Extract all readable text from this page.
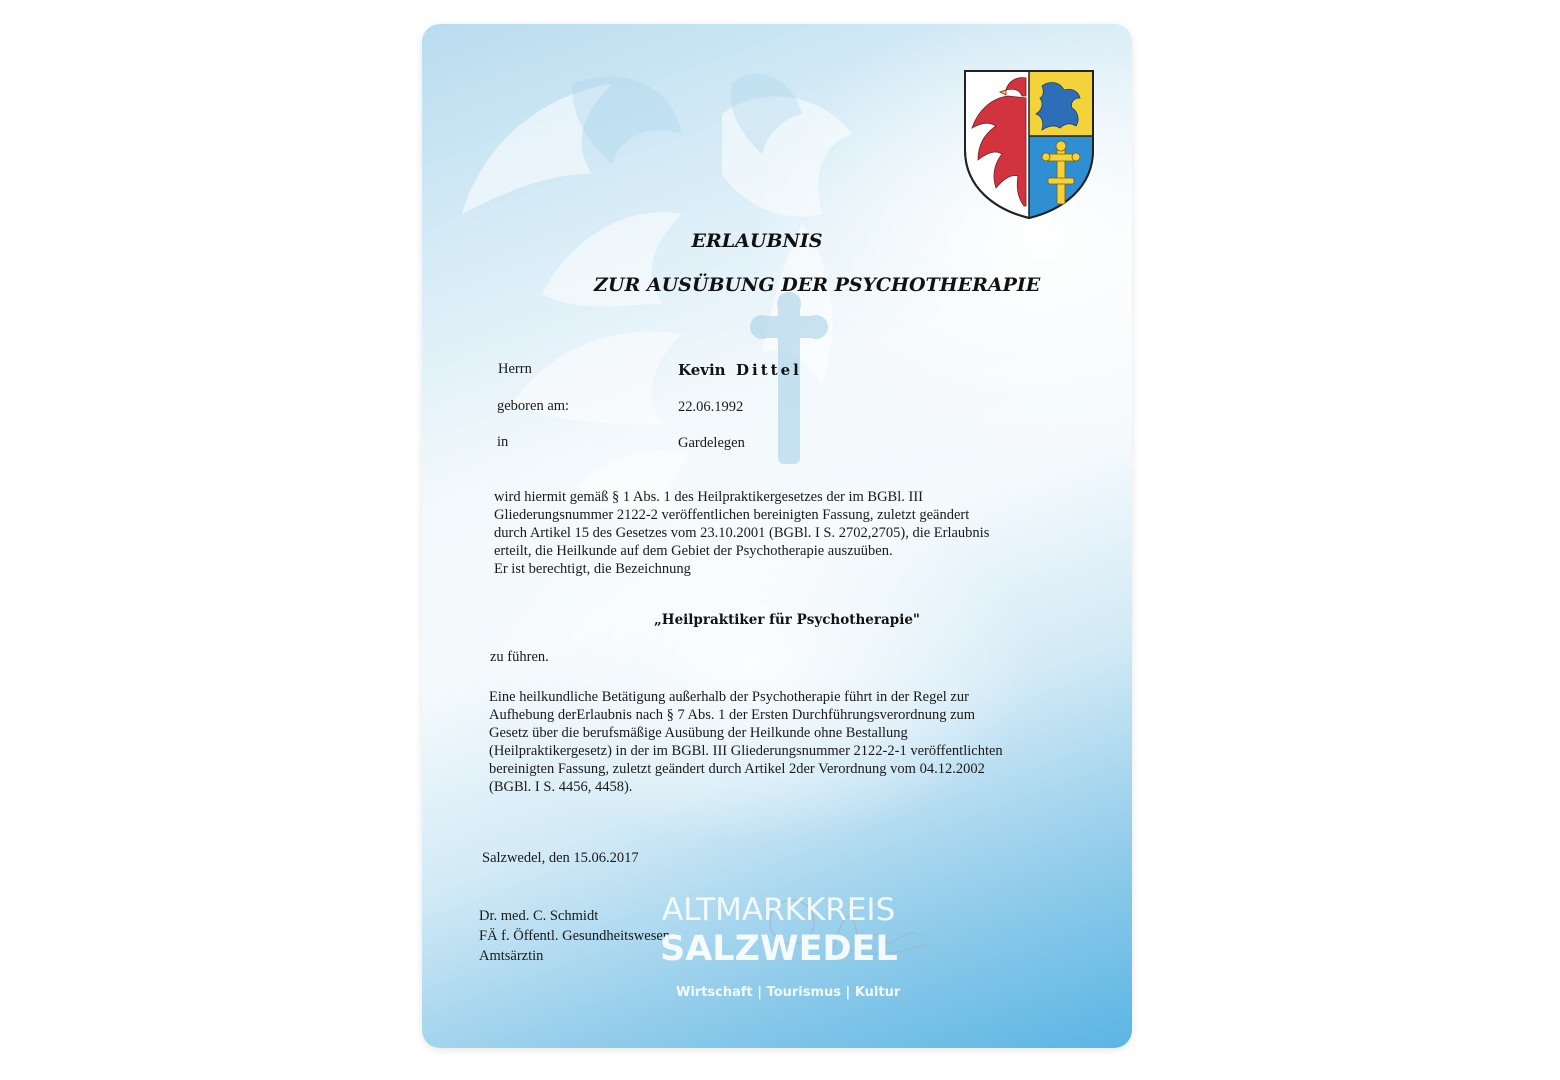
ERLAUBNIS
ZUR AUSÜBUNG DER PSYCHOTHERAPIE
Herrn	Kevin Dittel
geboren am:	22.06.1992
in	Gardelegen
wird hiermit gemäß § 1 Abs. 1 des Heilpraktikergesetzes der im BGBl. III
Gliederungsnummer 2122-2 veröffentlichen bereinigten Fassung, zuletzt geändert
durch Artikel 15 des Gesetzes vom 23.10.2001 (BGBl. I S. 2702,2705), die Erlaubnis
erteilt, die Heilkunde auf dem Gebiet der Psychotherapie auszuüben.
Er ist berechtigt, die Bezeichnung
„Heilpraktiker für Psychotherapie"
zu führen.
Eine heilkundliche Betätigung außerhalb der Psychotherapie führt in der Regel zur
Aufhebung derErlaubnis nach § 7 Abs. 1 der Ersten Durchführungsverordnung zum
Gesetz über die berufsmäßige Ausübung der Heilkunde ohne Bestallung
(Heilpraktikergesetz) in der im BGBl. III Gliederungsnummer 2122-2-1 veröffentlichten
bereinigten Fassung, zuletzt geändert durch Artikel 2der Verordnung vom 04.12.2002
(BGBl. I S. 4456, 4458).
Salzwedel, den 15.06.2017
Dr. med. C. Schmidt
FÄ f. Öffentl. Gesundheitswesen
Amtsärztin
ALTMARKKREIS
SALZWEDEL
Wirtschaft | Tourismus | Kultur
